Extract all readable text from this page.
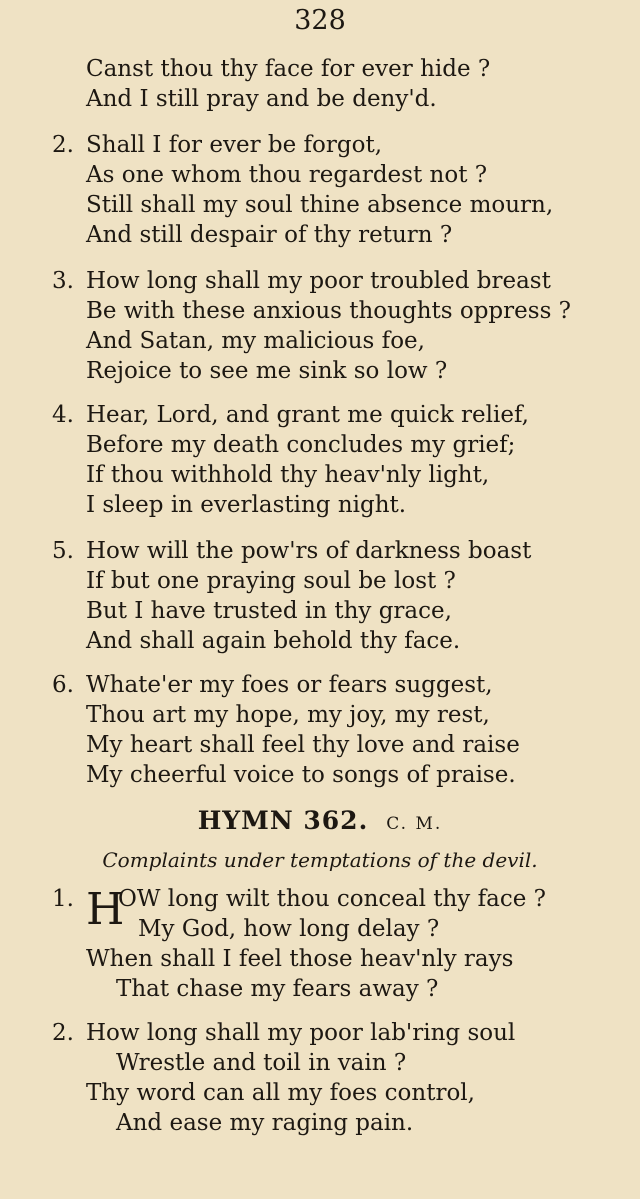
328
Canst thou thy face for ever hide ?
And I still pray and be deny'd.
2. Shall I for ever be forgot,
As one whom thou regardest not ?
Still shall my soul thine absence mourn,
And still despair of thy return ?
3. How long shall my poor troubled breast
Be with these anxious thoughts oppress ?
And Satan, my malicious foe,
Rejoice to see me sink so low ?
4. Hear, Lord, and grant me quick relief,
Before my death concludes my grief;
If thou withhold thy heav'nly light,
I sleep in everlasting night.
5. How will the pow'rs of darkness boast
If but one praying soul be lost ?
But I have trusted in thy grace,
And shall again behold thy face.
6. Whate'er my foes or fears suggest,
Thou art my hope, my joy, my rest,
My heart shall feel thy love and raise
My cheerful voice to songs of praise.
HYMN 362. C. M.
Complaints under temptations of the devil.
1. H
OW long wilt thou conceal thy face ?
My God, how long delay ?
When shall I feel those heav'nly rays
That chase my fears away ?
2. How long shall my poor lab'ring soul
Wrestle and toil in vain ?
Thy word can all my foes control,
And ease my raging pain.
